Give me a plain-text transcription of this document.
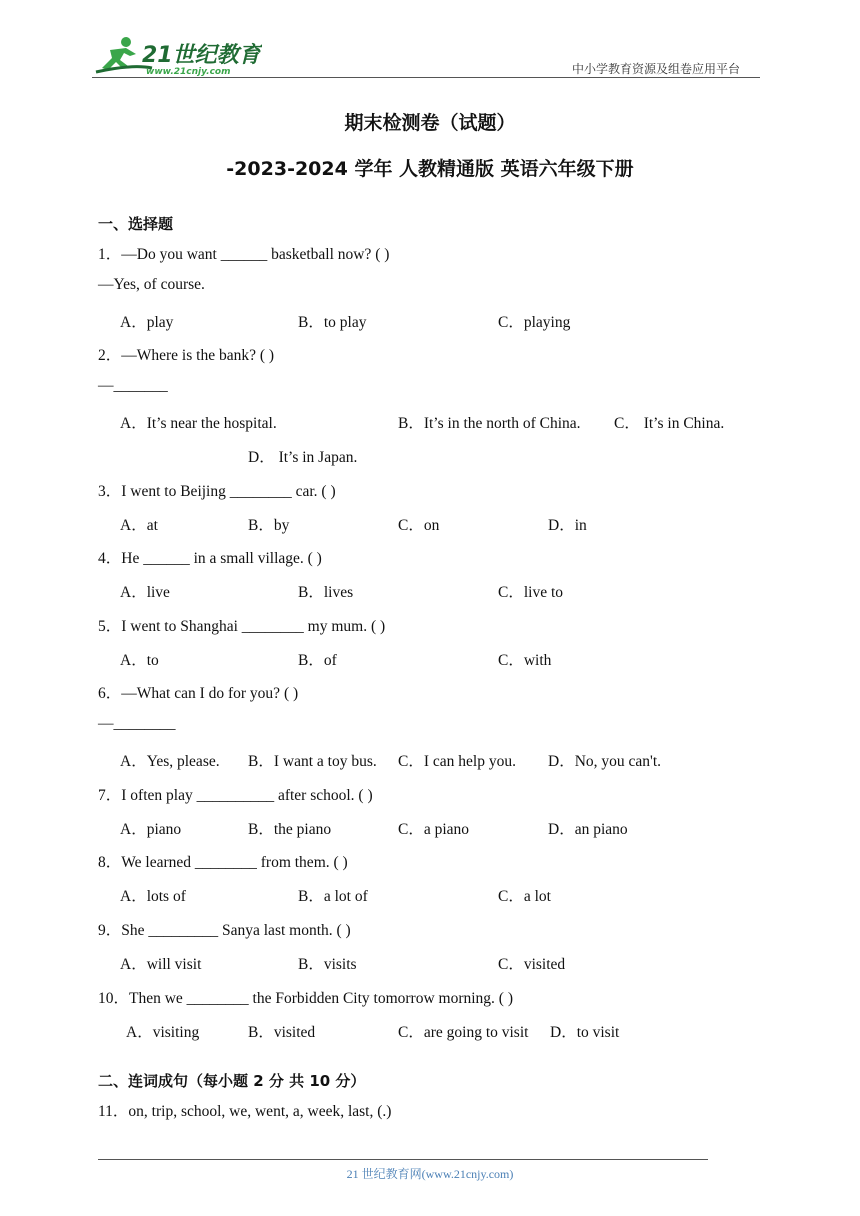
21世纪教育
www.21cnjy.com	中小学教育资源及组卷应用平台
期末检测卷（试题）
-2023-2024 学年 人教精通版 英语六年级下册
一、选择题
1．—Do you want ______ basketball now? ( )
—Yes, of course.
A．play	B．to play	C．playing
2．—Where is the bank? ( )
—_______
A．It’s near the hospital.	B．It’s in the north of China. C． It’s in China.
D． It’s in Japan.
3．I went to Beijing ________ car. ( )
A．at	B．by	C．on	D．in
4．He ______ in a small village. ( )
A．live	B．lives	C．live to
5．I went to Shanghai ________ my mum. ( )
A．to	B．of	C．with
6．—What can I do for you? ( )
—________
A．Yes, please. B．I want a toy bus. C．I can help you. D．No, you can't.
7．I often play __________ after school. ( )
A．piano	B．the piano	C．a piano	D．an piano
8．We learned ________ from them. ( )
A．lots of	B．a lot of	C．a lot
9．She _________ Sanya last month. ( )
A．will visit	B．visits	C．visited
10．Then we ________ the Forbidden City tomorrow morning. ( )
A．visiting	B．visited	C．are going to visit D．to visit
二、连词成句（每小题 2 分 共 10 分）
11．on, trip, school, we, went, a, week, last, (.)
21 世纪教育网(www.21cnjy.com)
